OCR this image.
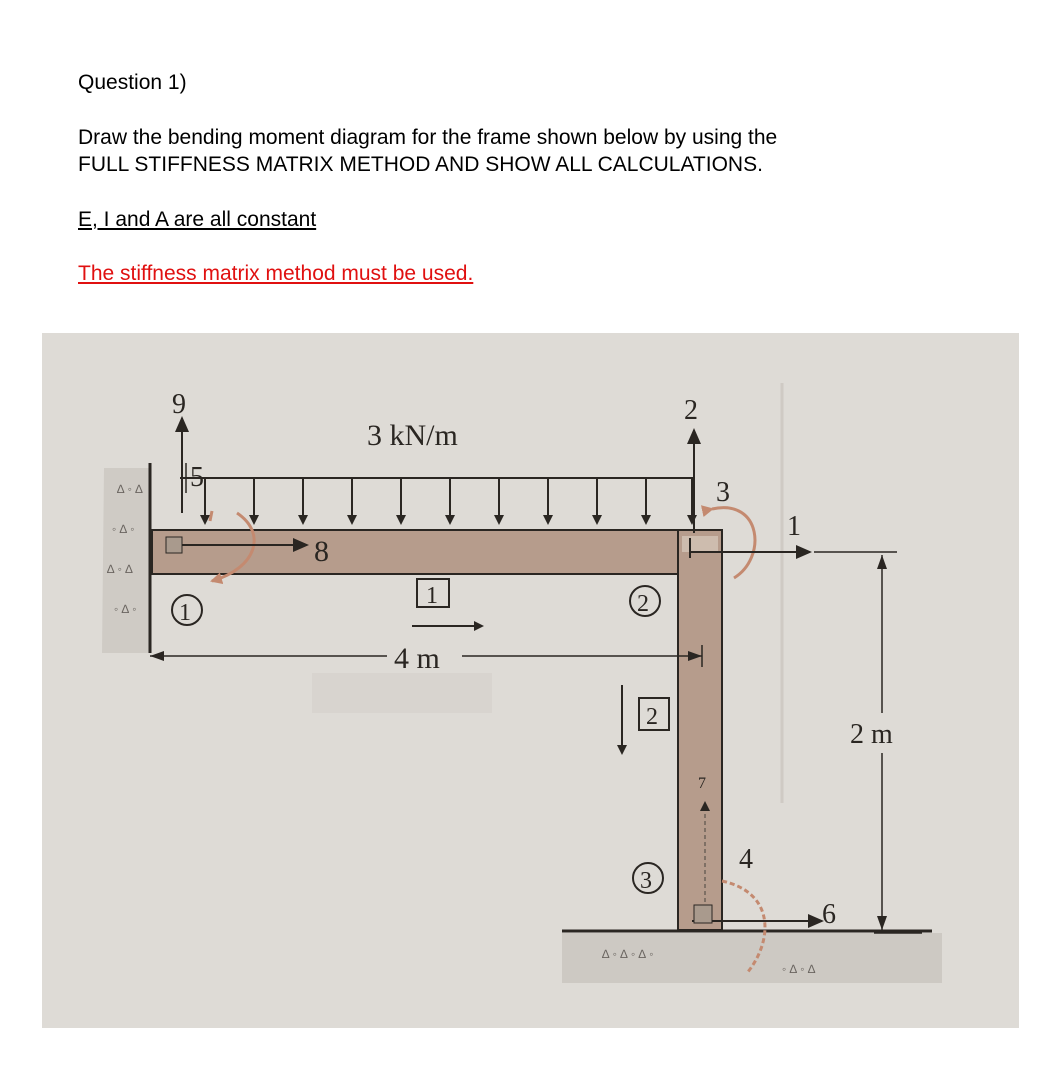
Question 1)
Draw the bending moment diagram for the frame shown below by using the
FULL STIFFNESS MATRIX METHOD AND SHOW ALL CALCULATIONS.
E, I and A are all constant
The stiffness matrix method must be used.
∆ ◦ ∆
◦ ∆ ◦
∆ ◦ ∆
◦ ∆ ◦
∆ ◦ ∆ ◦ ∆ ◦
◦ ∆ ◦ ∆
3 kN/m
9
5
8
1
1
4 m
2
2
3
1
2 m
2
3
7
4
6
